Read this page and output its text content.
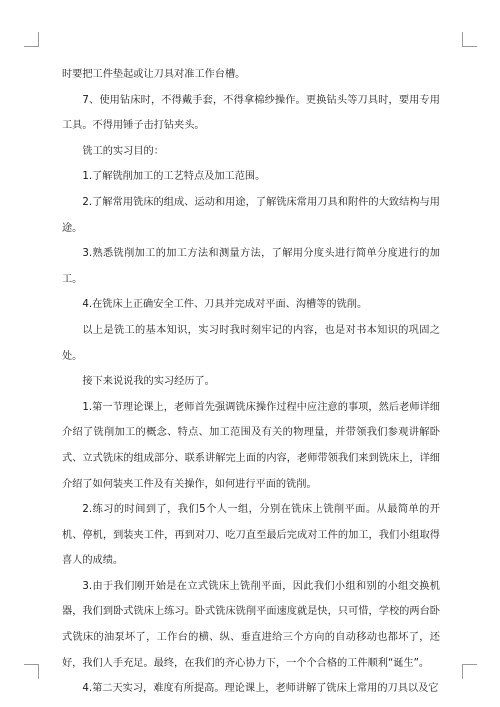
时要把工件垫起或让刀具对准工作台槽。

7、使用钻床时，不得戴手套，不得拿棉纱操作。更换钻头等刀具时，要用专用工具。不得用锤子击打钻夹头。

铣工的实习目的：

1.了解铣削加工的工艺特点及加工范围。

2.了解常用铣床的组成、运动和用途，了解铣床常用刀具和附件的大致结构与用途。

3.熟悉铣削加工的加工方法和测量方法，了解用分度头进行简单分度进行的加工。

4.在铣床上正确安全工件、刀具并完成对平面、沟槽等的铣削。

以上是铣工的基本知识，实习时我时刻牢记的内容，也是对书本知识的巩固之处。

接下来说说我的实习经历了。

1.第一节理论课上，老师首先强调铣床操作过程中应注意的事项，然后老师详细介绍了铣削加工的概念、特点、加工范围及有关的物理量，并带领我们参观讲解卧式、立式铣床的组成部分、联系讲解完上面的内容，老师带领我们来到铣床上，详细介绍了如何装夹工件及有关操作，如何进行平面的铣削。

2.练习的时间到了，我们5个人一组，分别在铣床上铣削平面。从最简单的开机、停机，到装夹工件，再到对刀、吃刀直至最后完成对工件的加工，我们小组取得喜人的成绩。

3.由于我们刚开始是在立式铣床上铣削平面，因此我们小组和别的小组交换机器，我们到卧式铣床上练习。卧式铣床铣削平面速度就是快，只可惜，学校的两台卧式铣床的油泵坏了，工作台的横、纵、垂直进给三个方向的自动移动也都坏了，还好，我们人手充足。最终，在我们的齐心协力下，一个个合格的工件顺利“诞生”。

4.第二天实习，难度有所提高。理论课上，老师讲解了铣床上常用的刀具以及它
